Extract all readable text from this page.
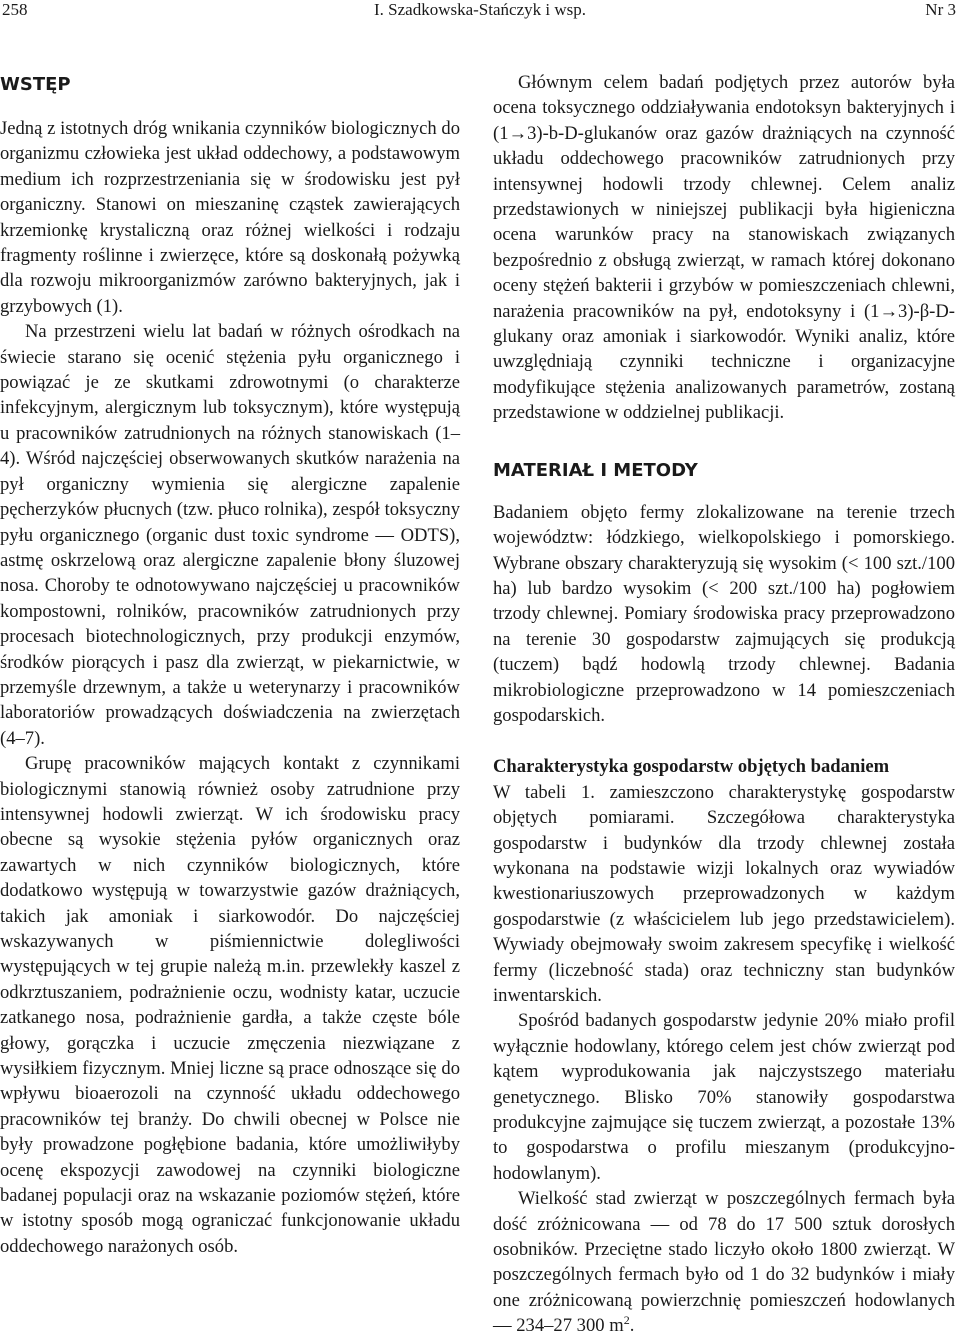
258	I. Szadkowska-Stańczyk i wsp.	Nr 3
WSTĘP

Jedną z istotnych dróg wnikania czynników biologicznych do organizmu człowieka jest układ oddechowy, a podstawowym medium ich rozprzestrzeniania się w środowisku jest pył organiczny. Stanowi on mieszaninę cząstek zawierających krzemionkę krystaliczną oraz różnej wielkości i rodzaju fragmenty roślinne i zwierzęce, które są doskonałą pożywką dla rozwoju mikroorganizmów zarówno bakteryjnych, jak i grzybowych (1).

Na przestrzeni wielu lat badań w różnych ośrodkach na świecie starano się ocenić stężenia pyłu organicznego i powiązać je ze skutkami zdrowotnymi (o charakterze infekcyjnym, alergicznym lub toksycznym), które występują u pracowników zatrudnionych na różnych stanowiskach (1–4). Wśród najczęściej obserwowanych skutków narażenia na pył organiczny wymienia się alergiczne zapalenie pęcherzyków płucnych (tzw. płuco rolnika), zespół toksyczny pyłu organicznego (organic dust toxic syndrome — ODTS), astmę oskrzelową oraz alergiczne zapalenie błony śluzowej nosa. Choroby te odnotowywano najczęściej u pracowników kompostowni, rolników, pracowników zatrudnionych przy procesach biotechnologicznych, przy produkcji enzymów, środków piorących i pasz dla zwierząt, w piekarnictwie, w przemyśle drzewnym, a także u weterynarzy i pracowników laboratoriów prowadzących doświadczenia na zwierzętach (4–7).

Grupę pracowników mających kontakt z czynnikami biologicznymi stanowią również osoby zatrudnione przy intensywnej hodowli zwierząt. W ich środowisku pracy obecne są wysokie stężenia pyłów organicznych oraz zawartych w nich czynników biologicznych, które dodatkowo występują w towarzystwie gazów drażniących, takich jak amoniak i siarkowodór. Do najczęściej wskazywanych w piśmiennictwie dolegliwości występujących w tej grupie należą m.in. przewlekły kaszel z odkrztuszaniem, podrażnienie oczu, wodnisty katar, uczucie zatkanego nosa, podrażnienie gardła, a także częste bóle głowy, gorączka i uczucie zmęczenia niezwiązane z wysiłkiem fizycznym. Mniej liczne są prace odnoszące się do wpływu bioaerozoli na czynność układu oddechowego pracowników tej branży. Do chwili obecnej w Polsce nie były prowadzone pogłębione badania, które umożliwiłyby ocenę ekspozycji zawodowej na czynniki biologiczne badanej populacji oraz na wskazanie poziomów stężeń, które w istotny sposób mogą ograniczać funkcjonowanie układu oddechowego narażonych osób.

Głównym celem badań podjętych przez autorów była ocena toksycznego oddziaływania endotoksyn bakteryjnych i (1→3)-b-D-glukanów oraz gazów drażniących na czynność układu oddechowego pracowników zatrudnionych przy intensywnej hodowli trzody chlewnej. Celem analiz przedstawionych w niniejszej publikacji była higieniczna ocena warunków pracy na stanowiskach związanych bezpośrednio z obsługą zwierząt, w ramach której dokonano oceny stężeń bakterii i grzybów w pomieszczeniach chlewni, narażenia pracowników na pył, endotoksyny i (1→3)-β-D-glukany oraz amoniak i siarkowodór. Wyniki analiz, które uwzględniają czynniki techniczne i organizacyjne modyfikujące stężenia analizowanych parametrów, zostaną przedstawione w oddzielnej publikacji.

MATERIAŁ I METODY

Badaniem objęto fermy zlokalizowane na terenie trzech województw: łódzkiego, wielkopolskiego i pomorskiego. Wybrane obszary charakteryzują się wysokim (< 100 szt./100 ha) lub bardzo wysokim (< 200 szt./100 ha) pogłowiem trzody chlewnej. Pomiary środowiska pracy przeprowadzono na terenie 30 gospodarstw zajmujących się produkcją (tuczem) bądź hodowlą trzody chlewnej. Badania mikrobiologiczne przeprowadzono w 14 pomieszczeniach gospodarskich.

Charakterystyka gospodarstw objętych badaniem

W tabeli 1. zamieszczono charakterystykę gospodarstw objętych pomiarami. Szczegółowa charakterystyka gospodarstw i budynków dla trzody chlewnej została wykonana na podstawie wizji lokalnych oraz wywiadów kwestionariuszowych przeprowadzonych w każdym gospodarstwie (z właścicielem lub jego przedstawicielem). Wywiady obejmowały swoim zakresem specyfikę i wielkość fermy (liczebność stada) oraz techniczny stan budynków inwentarskich.

Spośród badanych gospodarstw jedynie 20% miało profil wyłącznie hodowlany, którego celem jest chów zwierząt pod kątem wyprodukowania jak najczystszego materiału genetycznego. Blisko 70% stanowiły gospodarstwa produkcyjne zajmujące się tuczem zwierząt, a pozostałe 13% to gospodarstwa o profilu mieszanym (produkcyjno-hodowlanym).

Wielkość stad zwierząt w poszczególnych fermach była dość zróżnicowana — od 78 do 17 500 sztuk dorosłych osobników. Przeciętne stado liczyło około 1800 zwierząt. W poszczególnych fermach było od 1 do 32 budynków i miały one zróżnicowaną powierzchnię pomieszczeń hodowlanych — 234–27 300 $m^2$.
